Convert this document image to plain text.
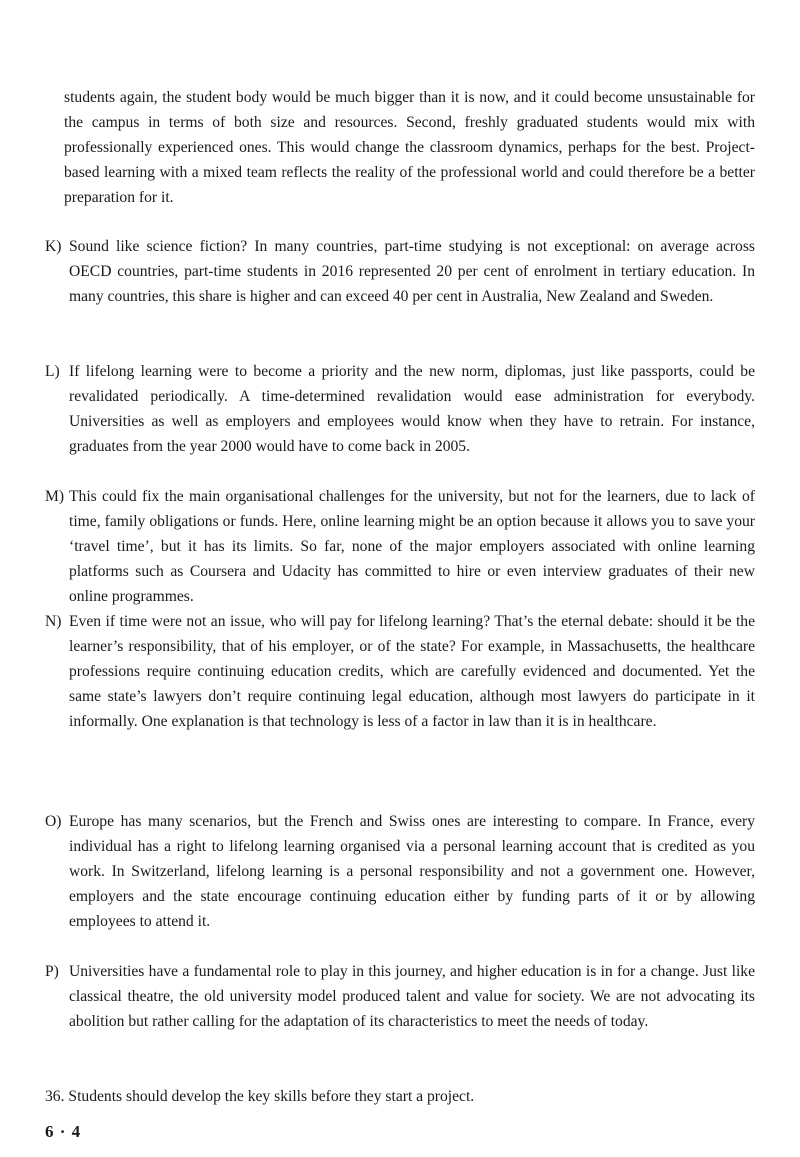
students again, the student body would be much bigger than it is now, and it could become unsustainable for the campus in terms of both size and resources. Second, freshly graduated students would mix with professionally experienced ones. This would change the classroom dynamics, perhaps for the best. Project-based learning with a mixed team reflects the reality of the professional world and could therefore be a better preparation for it.

K) Sound like science fiction? In many countries, part-time studying is not exceptional: on average across OECD countries, part-time students in 2016 represented 20 per cent of enrolment in tertiary education. In many countries, this share is higher and can exceed 40 per cent in Australia, New Zealand and Sweden.

L) If lifelong learning were to become a priority and the new norm, diplomas, just like passports, could be revalidated periodically. A time-determined revalidation would ease administration for everybody. Universities as well as employers and employees would know when they have to retrain. For instance, graduates from the year 2000 would have to come back in 2005.

M) This could fix the main organisational challenges for the university, but not for the learners, due to lack of time, family obligations or funds. Here, online learning might be an option because it allows you to save your ‘travel time’, but it has its limits. So far, none of the major employers associated with online learning platforms such as Coursera and Udacity has committed to hire or even interview graduates of their new online programmes.

N) Even if time were not an issue, who will pay for lifelong learning? That’s the eternal debate: should it be the learner’s responsibility, that of his employer, or of the state? For example, in Massachusetts, the healthcare professions require continuing education credits, which are carefully evidenced and documented. Yet the same state’s lawyers don’t require continuing legal education, although most lawyers do participate in it informally. One explanation is that technology is less of a factor in law than it is in healthcare.

O) Europe has many scenarios, but the French and Swiss ones are interesting to compare. In France, every individual has a right to lifelong learning organised via a personal learning account that is credited as you work. In Switzerland, lifelong learning is a personal responsibility and not a government one. However, employers and the state encourage continuing education either by funding parts of it or by allowing employees to attend it.

P) Universities have a fundamental role to play in this journey, and higher education is in for a change. Just like classical theatre, the old university model produced talent and value for society. We are not advocating its abolition but rather calling for the adaptation of its characteristics to meet the needs of today.

36. Students should develop the key skills before they start a project.

6 · 4
